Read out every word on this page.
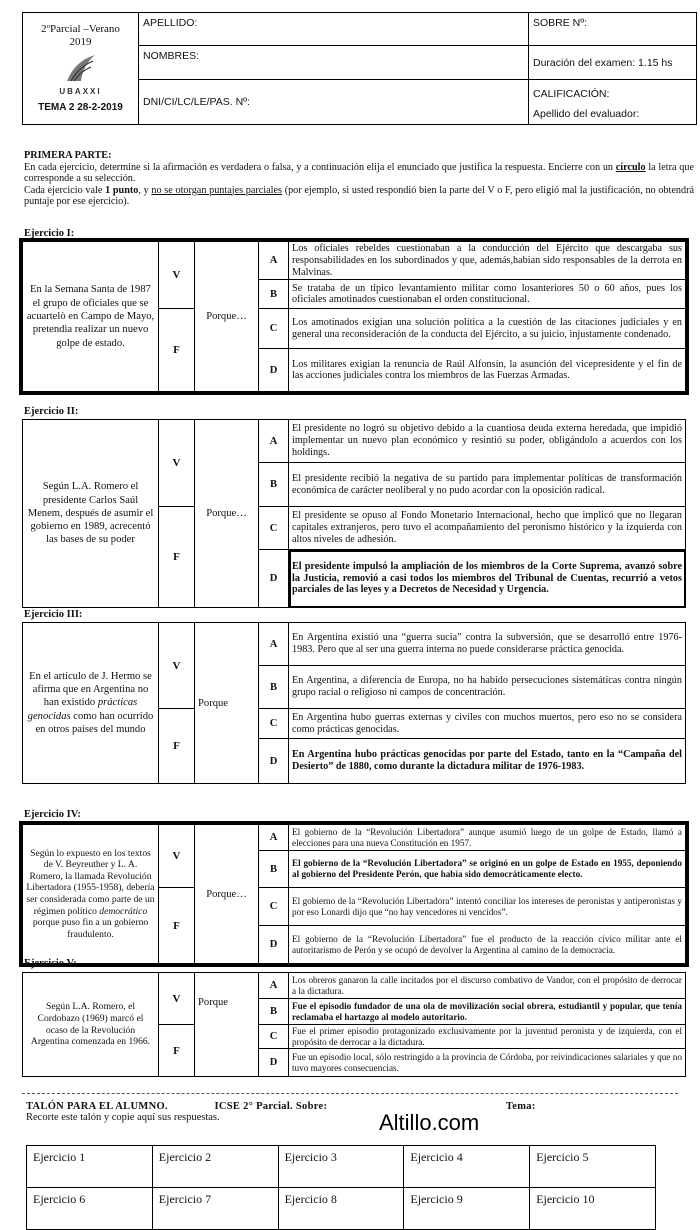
2ºParcial –Verano
2019
UBAXXI
TEMA 2 28-2-2019	APELLIDO:	SOBRE Nº:
	NOMBRES:	Duración del examen: 1.15 hs
	DNI/CI/LC/LE/PAS. Nº:	CALIFICACIÓN:
Apellido del evaluador:
PRIMERA PARTE:
En cada ejercicio, determine si la afirmación es verdadera o falsa, y a continuación elija el enunciado que justifica la respuesta. Encierre con un círculo la letra que corresponde a su selección.
Cada ejercicio vale 1 punto, y no se otorgan puntajes parciales (por ejemplo, si usted respondió bien la parte del V o F, pero eligió mal la justificación, no obtendrá puntaje por ese ejercicio).
Ejercicio I:
En la Semana Santa de 1987 el grupo de oficiales que se acuartelò en Campo de Mayo, pretendìa realizar un nuevo golpe de estado.	V	Porque…	A	Los oficiales rebeldes cuestionaban a la conducción del Ejército que descargaba sus responsabilidades en los subordinados y que, además,habian sido responsables de la derrota en Malvinas.
			B	Se trataba de un tipico levantamiento militar como losanteriores 50 o 60 años, pues los oficiales amotinados cuestionaban el orden constitucional.
	F		C	Los amotinados exigian una solución política a la cuestión de las citaciones judiciales y en general una reconsideración de la conducta del Ejército, a su juicio, injustamente condenado.
			D	Los militares exigian la renuncia de Raúl Alfonsín, la asunción del vicepresidente y el fin de las acciones judiciales contra los miembros de las Fuerzas Armadas.
Ejercicio II:
Según L.A. Romero el presidente Carlos Saúl Menem, después de asumir el gobierno en 1989, acrecentó las bases de su poder	V	Porque…	A	El presidente no logró su objetivo debido a la cuantiosa deuda externa heredada, que impidió implementar un nuevo plan económico y resintió su poder, obligándolo a acuerdos con los holdings.
			B	El presidente recibió la negativa de su partido para implementar políticas de transformación económica de carácter neoliberal y no pudo acordar con la oposición radical.
	F		C	El presidente se opuso al Fondo Monetario Internacional, hecho que implicó que no llegaran capitales extranjeros, pero tuvo el acompañamiento del peronismo histórico y la izquierda con altos niveles de adhesión.
			D	El presidente impulsó la ampliación de los miembros de la Corte Suprema, avanzó sobre la Justicia, removió a casi todos los miembros del Tribunal de Cuentas, recurrió a vetos parciales de las leyes y a Decretos de Necesidad y Urgencia.
Ejercicio III:
En el artículo de J. Hermo se afirma que en Argentina no han existido prácticas genocidas como han ocurrido en otros países del mundo	V	Porque	A	En Argentina existió una “guerra sucia” contra la subversión, que se desarrolló entre 1976-1983. Pero que al ser una guerra interna no puede considerarse práctica genocida.
			B	En Argentina, a diferencia de Europa, no ha habido persecuciones sistemáticas contra ningún grupo racial o religioso ni campos de concentración.
	F		C	En Argentina hubo guerras externas y civiles con muchos muertos, pero eso no se considera como prácticas genocidas.
			D	En Argentina hubo prácticas genocidas por parte del Estado, tanto en la “Campaña del Desierto” de 1880, como durante la dictadura militar de 1976-1983.
Ejercicio IV:
Según lo expuesto en los textos de V. Beyreuther y L. A. Romero, la llamada Revolución Libertadora (1955-1958), debería ser considerada como parte de un régimen político democrático porque puso fin a un gobierno fraudulento.	V	Porque…	A	El gobierno de la “Revolución Libertadora” aunque asumió luego de un golpe de Estado, llamó a elecciones para una nueva Constitución en 1957.
			B	El gobierno de la “Revolución Libertadora” se originó en un golpe de Estado en 1955, deponiendo al gobierno del Presidente Perón, que había sido democráticamente electo.
	F		C	El gobierno de la “Revolución Libertadora” intentó conciliar los intereses de peronistas y antiperonistas y por eso Lonardi dijo que “no hay vencedores ni vencidos”.
			D	El gobierno de la “Revolución Libertadora” fue el producto de la reacción cívico militar ante el autoritarismo de Perón y se ocupó de devolver la Argentina al camino de la democracia.
Ejercicio V:
Según L.A. Romero, el Cordobazo (1969) marcó el ocaso de la Revolución Argentina comenzada en 1966.	V	Porque	A	Los obreros ganaron la calle incitados por el discurso combativo de Vandor, con el propósito de derrocar a la dictadura.
			B	Fue el episodio fundador de una ola de movilización social obrera, estudiantil y popular, que tenía reclamaba el hartazgo al modelo autoritario.
	F		C	Fue el primer episodio protagonizado exclusivamente por la juventud peronista y de izquierda, con el propósito de derrocar a la dictadura.
			D	Fue un episodio local, sólo restringido a la provincia de Córdoba, por reivindicaciones salariales y que no tuvo mayores consecuencias.
TALÓN PARA EL ALUMNO.	ICSE 2° Parcial. Sobre:	Tema:
Recorte este talón y copie aquí sus respuestas.	Altillo.com
Ejercicio 1	Ejercicio 2	Ejercicio 3	Ejercicio 4	Ejercicio 5
Ejercicio 6	Ejercicio 7	Ejercicio 8	Ejercicio 9	Ejercicio 10
